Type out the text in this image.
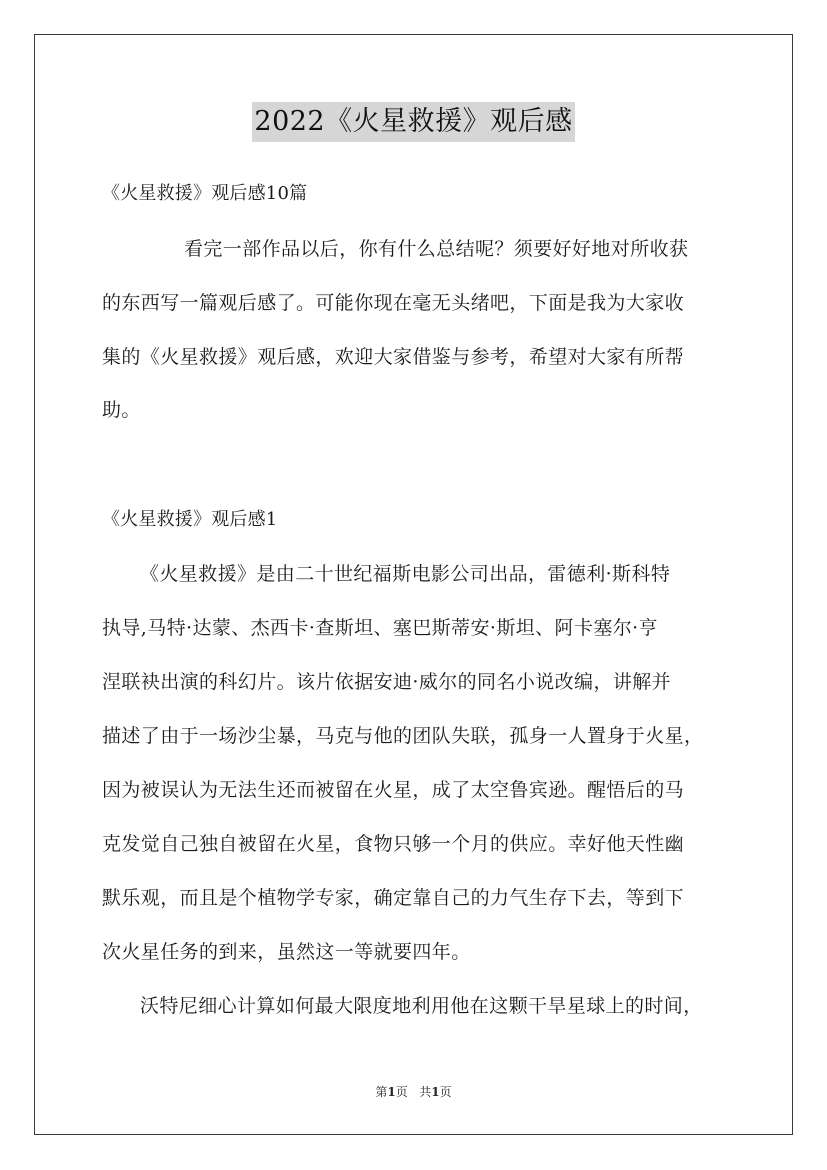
2022《火星救援》观后感
《火星救援》观后感10篇
看完一部作品以后，你有什么总结呢？须要好好地对所收获
的东西写一篇观后感了。可能你现在毫无头绪吧，下面是我为大家收
集的《火星救援》观后感，欢迎大家借鉴与参考，希望对大家有所帮
助。
《火星救援》观后感1
《火星救援》是由二十世纪福斯电影公司出品，雷德利·斯科特
执导,马特·达蒙、杰西卡·查斯坦、塞巴斯蒂安·斯坦、阿卡塞尔·亨
涅联袂出演的科幻片。该片依据安迪·威尔的同名小说改编，讲解并
描述了由于一场沙尘暴，马克与他的团队失联，孤身一人置身于火星，
因为被误认为无法生还而被留在火星，成了太空鲁宾逊。醒悟后的马
克发觉自己独自被留在火星，食物只够一个月的供应。幸好他天性幽
默乐观，而且是个植物学专家，确定靠自己的力气生存下去，等到下
次火星任务的到来，虽然这一等就要四年。
沃特尼细心计算如何最大限度地利用他在这颗干旱星球上的时间，
第1页 共1页
